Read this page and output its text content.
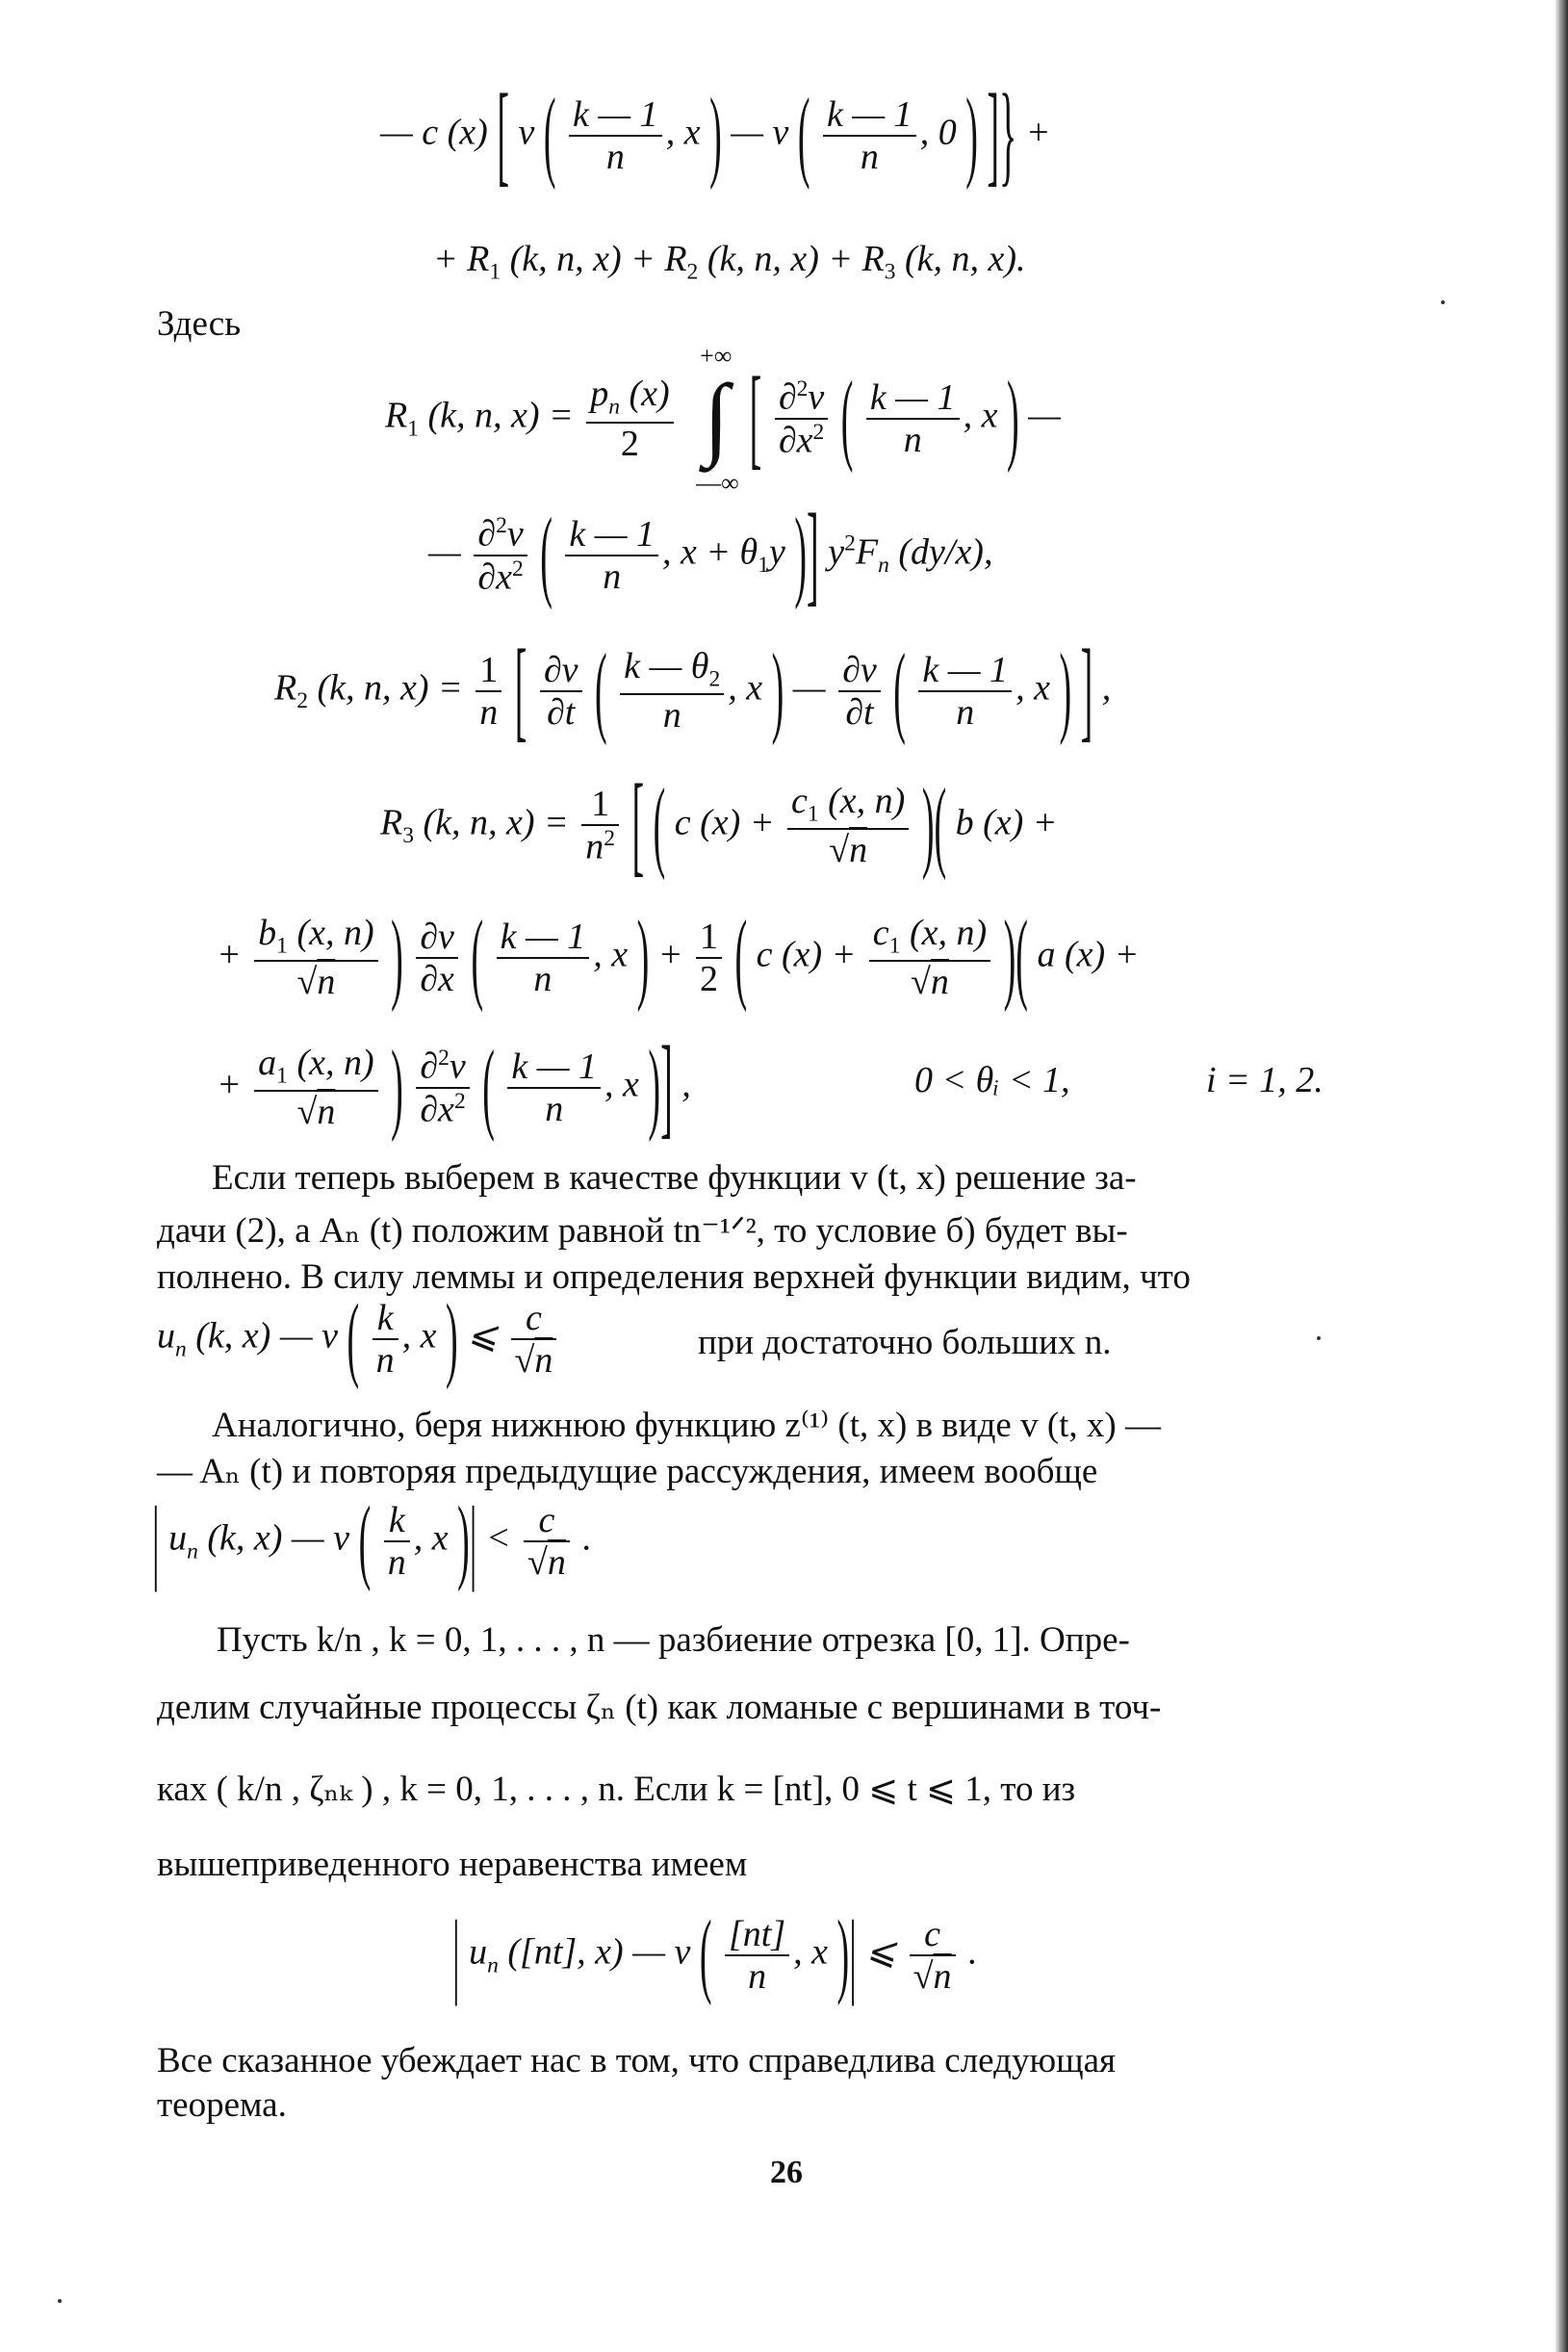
— c (x) [ v ( $\frac{k — 1}{n}$ , x ) — v ( $\frac{k — 1}{n}$ , 0 ) ]} +
+ $R_1$ (k, n, $x) + R_2$ (k, n, $x) + R_3$ (k, n, x).
Здесь
$R_1$ (k, n, $x) = \frac{p_n (x)}{2}$

+∞
∫
—∞
[ $\frac{\partial^2v}{\partial x^2}$ ( $\frac{k — 1}{n}$ , x ) —
— $\frac{\partial^2v}{\partial x^2}$ ( $\frac{k — 1}{n}$ , $x + \theta_1y$ )] $y^2F_n$ (dy/x),
$R_2$ (k, n, $x) = \frac{1}{n}$ [ $\frac{\partial v}{\partial t}$ ( $\frac{k — \theta_2}{n}$ , x ) — $\frac{\partial v}{\partial t}$ ( $\frac{k — 1}{n}$ , x ) ] ,
$R_3$ (k, n, $x) = \frac{1}{n^2}$ [ ( c $(x) + \frac{c_1 (x, n)}{√n}$ )( b (x) +
+ $\frac{b_1 (x, n)}{√n}$ ) $\frac{\partial v}{\partial x}$ ( $\frac{k — 1}{n}$ , x ) + $\frac{1}{2}$ ( c $(x) + \frac{c_1 (x, n)}{√n}$ )( a (x) +
+ $\frac{a_1 (x, n)}{√n}$ ) $\frac{\partial^2v}{\partial x^2}$ ( $\frac{k — 1}{n}$ , x )] ,	0 < θᵢ < 1,	i = 1, 2.
Если теперь выберем в качестве функции v (t, x) решение за-
дачи (2), а Aₙ (t) положим равной tn⁻¹ᐟ², то условие б) будет вы-
полнено. В силу леммы и определения верхней функции видим, что
$u_n$ (k, x) — v ( $\frac{k}{n}$ , x ) ⩽ $\frac{c}{√n}$	при достаточно больших n.
Аналогично, беря нижнюю функцию z⁽¹⁾ (t, x) в виде v (t, x) —
— Aₙ (t) и повторяя предыдущие рассуждения, имеем вообще
| $u_n$ (k, x) — v ( $\frac{k}{n}$ , x )| < $\frac{c}{√n}$ .
Пусть k/n , k = 0, 1, . . . , n — разбиение отрезка [0, 1]. Опре-
делим случайные процессы ζₙ (t) как ломаные с вершинами в точ-
ках ( k/n , ζₙₖ ) , k = 0, 1, . . . , n. Если k = [nt], 0 ⩽ t ⩽ 1, то из
вышеприведенного неравенства имеем
| $u_n$ ([nt], x) — v ( $\frac{[nt]}{n}$ , x )| ⩽ $\frac{c}{√n}$ .
Все сказанное убеждает нас в том, что справедлива следующая
теорема.
26
